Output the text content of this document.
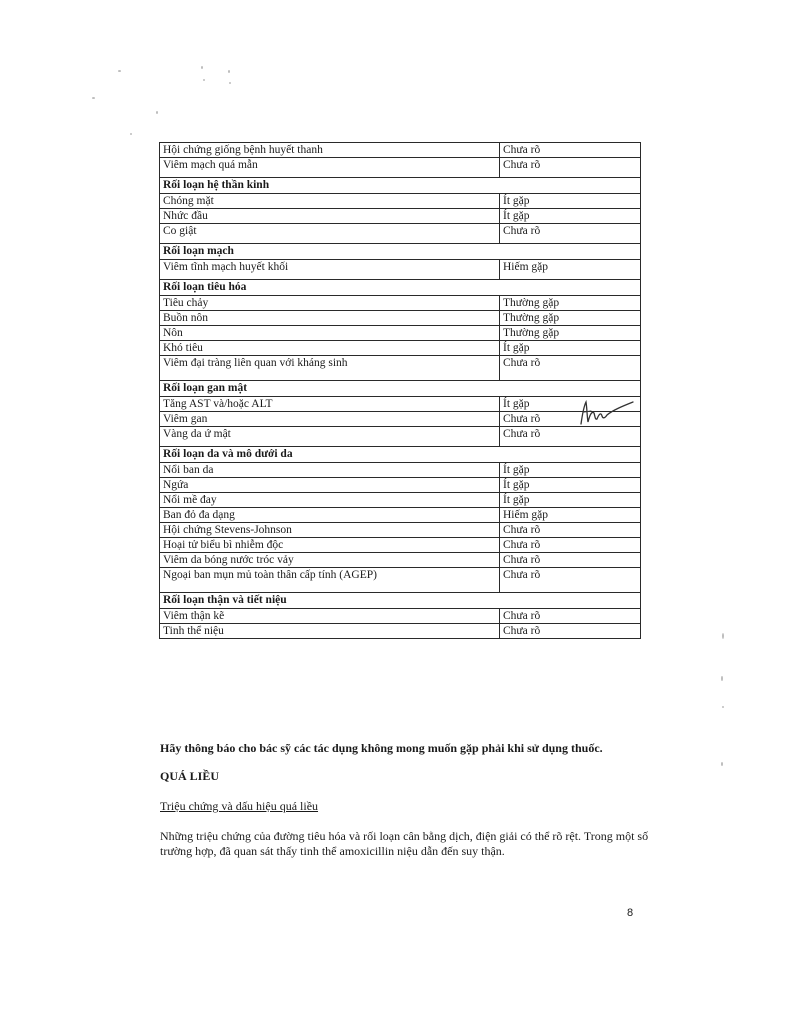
Hội chứng giống bệnh huyết thanh	Chưa rõ
Viêm mạch quá mẫn	Chưa rõ
Rối loạn hệ thần kinh	
Chóng mặt	Ít gặp
Nhức đầu	Ít gặp
Co giật	Chưa rõ
Rối loạn mạch	
Viêm tĩnh mạch huyết khối	Hiếm gặp
Rối loạn tiêu hóa	
Tiêu chảy	Thường gặp
Buồn nôn	Thường gặp
Nôn	Thường gặp
Khó tiêu	Ít gặp
Viêm đại tràng liên quan với kháng sinh	Chưa rõ
Rối loạn gan mật	
Tăng AST và/hoặc ALT	Ít gặp
Viêm gan	Chưa rõ
Vàng da ứ mật	Chưa rõ
Rối loạn da và mô dưới da	
Nổi ban da	Ít gặp
Ngứa	Ít gặp
Nổi mề đay	Ít gặp
Ban đỏ đa dạng	Hiếm gặp
Hội chứng Stevens-Johnson	Chưa rõ
Hoại tử biểu bì nhiễm độc	Chưa rõ
Viêm da bóng nước tróc vảy	Chưa rõ
Ngoại ban mụn mủ toàn thân cấp tính (AGEP)	Chưa rõ
Rối loạn thận và tiết niệu	
Viêm thận kẽ	Chưa rõ
Tinh thể niệu	Chưa rõ
Hãy thông báo cho bác sỹ các tác dụng không mong muốn gặp phải khi sử dụng thuốc.
QUÁ LIỀU
Triệu chứng và dấu hiệu quá liều
Những triệu chứng của đường tiêu hóa và rối loạn cân bằng dịch, điện giải có thể rõ rệt. Trong một số trường hợp, đã quan sát thấy tinh thể amoxicillin niệu dẫn đến suy thận.
8
